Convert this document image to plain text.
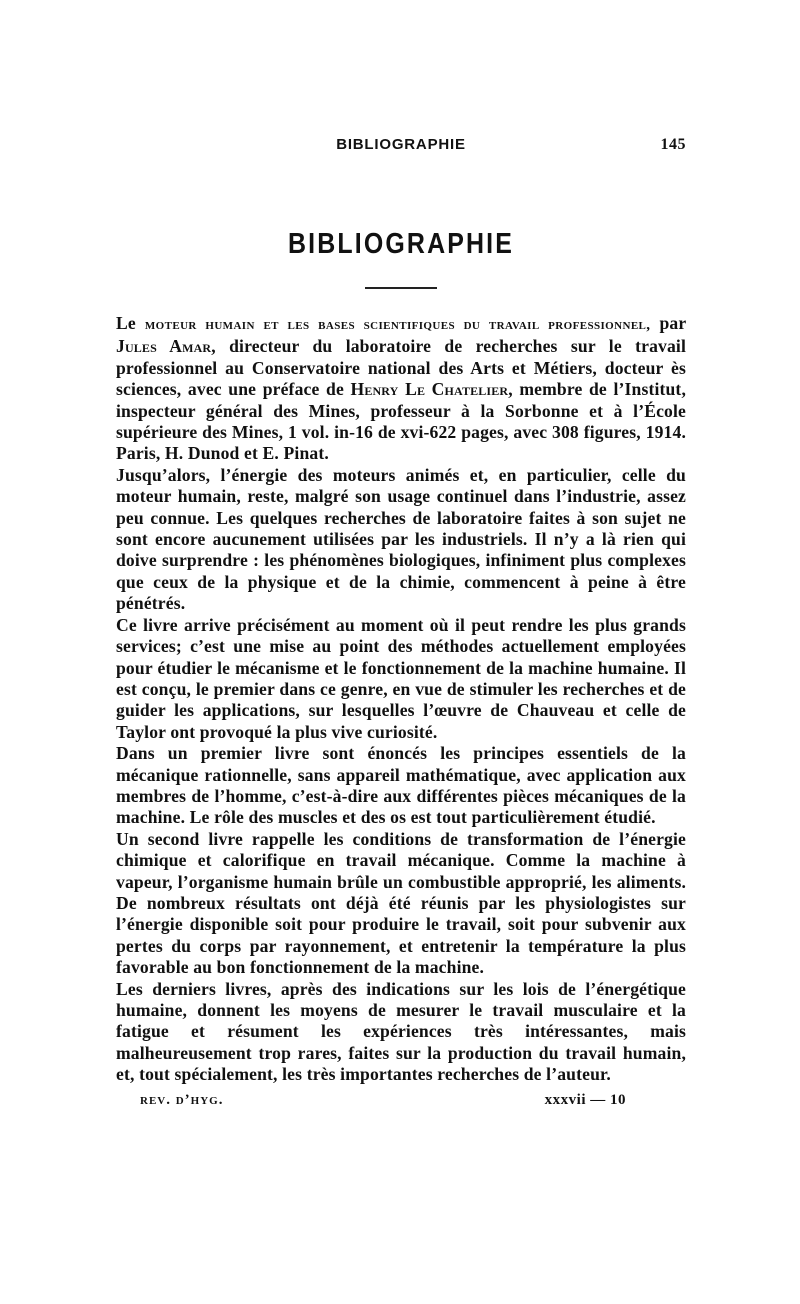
BIBLIOGRAPHIE	145
BIBLIOGRAPHIE

Le moteur humain et les bases scientifiques du travail professionnel, par Jules Amar, directeur du laboratoire de recherches sur le travail professionnel au Conservatoire national des Arts et Métiers, docteur ès sciences, avec une préface de Henry Le Chatelier, membre de l’Institut, inspecteur général des Mines, professeur à la Sorbonne et à l’École supérieure des Mines, 1 vol. in-16 de xvi-622 pages, avec 308 figures, 1914. Paris, H. Dunod et E. Pinat.

Jusqu’alors, l’énergie des moteurs animés et, en particulier, celle du moteur humain, reste, malgré son usage continuel dans l’industrie, assez peu connue. Les quelques recherches de laboratoire faites à son sujet ne sont encore aucunement utilisées par les industriels. Il n’y a là rien qui doive surprendre : les phénomènes biologiques, infiniment plus complexes que ceux de la physique et de la chimie, commencent à peine à être pénétrés.

Ce livre arrive précisément au moment où il peut rendre les plus grands services; c’est une mise au point des méthodes actuellement employées pour étudier le mécanisme et le fonctionnement de la machine humaine. Il est conçu, le premier dans ce genre, en vue de stimuler les recherches et de guider les applications, sur lesquelles l’œuvre de Chauveau et celle de Taylor ont provoqué la plus vive curiosité.

Dans un premier livre sont énoncés les principes essentiels de la mécanique rationnelle, sans appareil mathématique, avec application aux membres de l’homme, c’est-à-dire aux différentes pièces mécaniques de la machine. Le rôle des muscles et des os est tout particulièrement étudié.

Un second livre rappelle les conditions de transformation de l’énergie chimique et calorifique en travail mécanique. Comme la machine à vapeur, l’organisme humain brûle un combustible approprié, les aliments. De nombreux résultats ont déjà été réunis par les physiologistes sur l’énergie disponible soit pour produire le travail, soit pour subvenir aux pertes du corps par rayonnement, et entretenir la température la plus favorable au bon fonctionnement de la machine.

Les derniers livres, après des indications sur les lois de l’énergétique humaine, donnent les moyens de mesurer le travail musculaire et la fatigue et résument les expériences très intéressantes, mais malheureusement trop rares, faites sur la production du travail humain, et, tout spécialement, les très importantes recherches de l’auteur.

rev. d’hyg.	xxxvii — 10
